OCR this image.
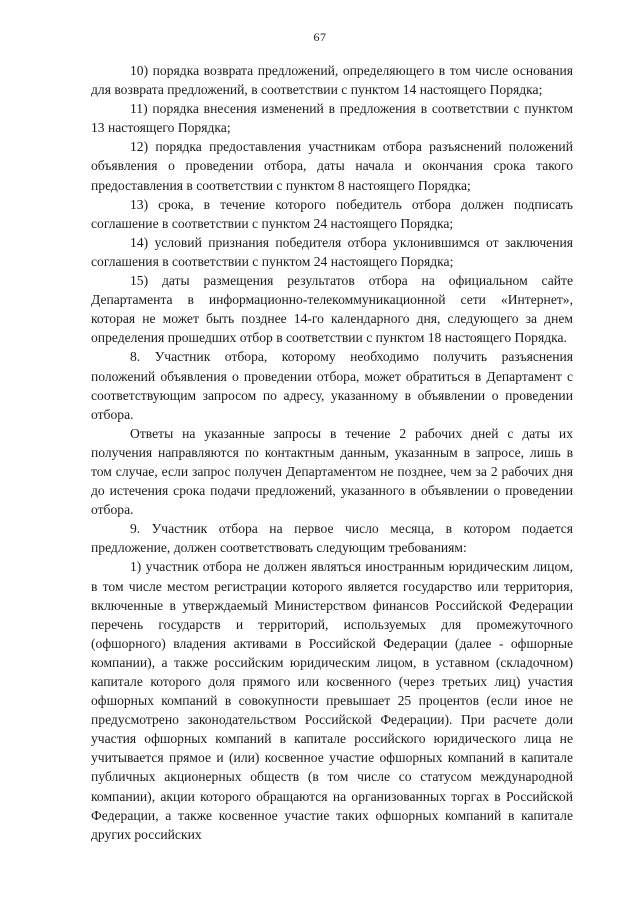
67

10) порядка возврата предложений, определяющего в том числе основания для возврата предложений, в соответствии с пунктом 14 настоящего Порядка;

11) порядка внесения изменений в предложения в соответствии с пунктом 13 настоящего Порядка;

12) порядка предоставления участникам отбора разъяснений положений объявления о проведении отбора, даты начала и окончания срока такого предоставления в соответствии с пунктом 8 настоящего Порядка;

13) срока, в течение которого победитель отбора должен подписать соглашение в соответствии с пунктом 24 настоящего Порядка;

14) условий признания победителя отбора уклонившимся от заключения соглашения в соответствии с пунктом 24 настоящего Порядка;

15) даты размещения результатов отбора на официальном сайте Департамента в информационно-телекоммуникационной сети «Интернет», которая не может быть позднее 14-го календарного дня, следующего за днем определения прошедших отбор в соответствии с пунктом 18 настоящего Порядка.

8. Участник отбора, которому необходимо получить разъяснения положений объявления о проведении отбора, может обратиться в Департамент с соответствующим запросом по адресу, указанному в объявлении о проведении отбора.

Ответы на указанные запросы в течение 2 рабочих дней с даты их получения направляются по контактным данным, указанным в запросе, лишь в том случае, если запрос получен Департаментом не позднее, чем за 2 рабочих дня до истечения срока подачи предложений, указанного в объявлении о проведении отбора.

9. Участник отбора на первое число месяца, в котором подается предложение, должен соответствовать следующим требованиям:

1) участник отбора не должен являться иностранным юридическим лицом, в том числе местом регистрации которого является государство или территория, включенные в утверждаемый Министерством финансов Российской Федерации перечень государств и территорий, используемых для промежуточного (офшорного) владения активами в Российской Федерации (далее - офшорные компании), а также российским юридическим лицом, в уставном (складочном) капитале которого доля прямого или косвенного (через третьих лиц) участия офшорных компаний в совокупности превышает 25 процентов (если иное не предусмотрено законодательством Российской Федерации). При расчете доли участия офшорных компаний в капитале российского юридического лица не учитывается прямое и (или) косвенное участие офшорных компаний в капитале публичных акционерных обществ (в том числе со статусом международной компании), акции которого обращаются на организованных торгах в Российской Федерации, а также косвенное участие таких офшорных компаний в капитале других российских
